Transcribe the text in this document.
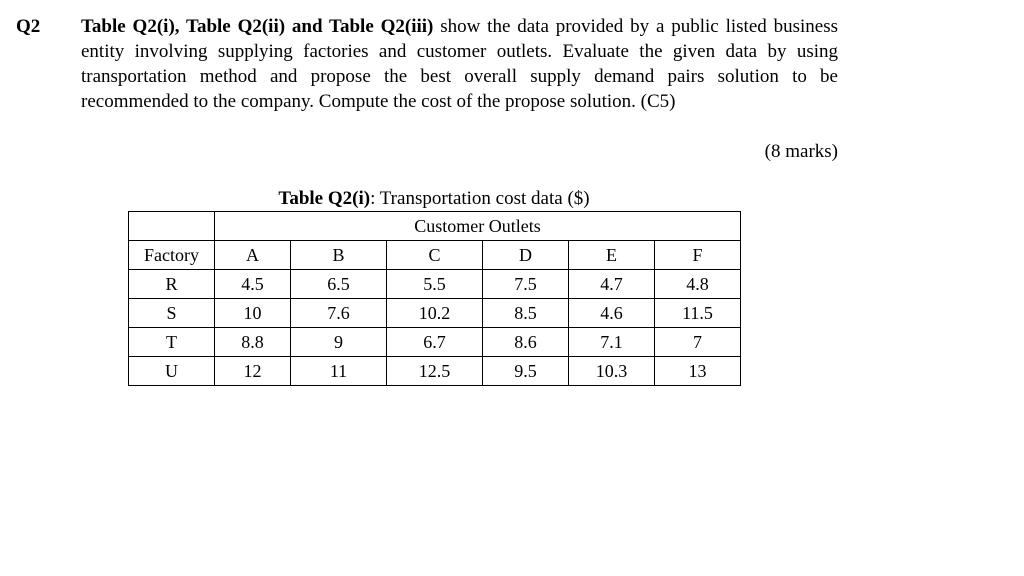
Q2 Table Q2(i), Table Q2(ii) and Table Q2(iii) show the data provided by a public listed business entity involving supplying factories and customer outlets. Evaluate the given data by using transportation method and propose the best overall supply demand pairs solution to be recommended to the company. Compute the cost of the propose solution. (C5)
(8 marks)
Table Q2(i): Transportation cost data ($)
	Customer Outlets					
Factory	A	B	C	D	E	F
R	4.5	6.5	5.5	7.5	4.7	4.8
S	10	7.6	10.2	8.5	4.6	11.5
T	8.8	9	6.7	8.6	7.1	7
U	12	11	12.5	9.5	10.3	13
